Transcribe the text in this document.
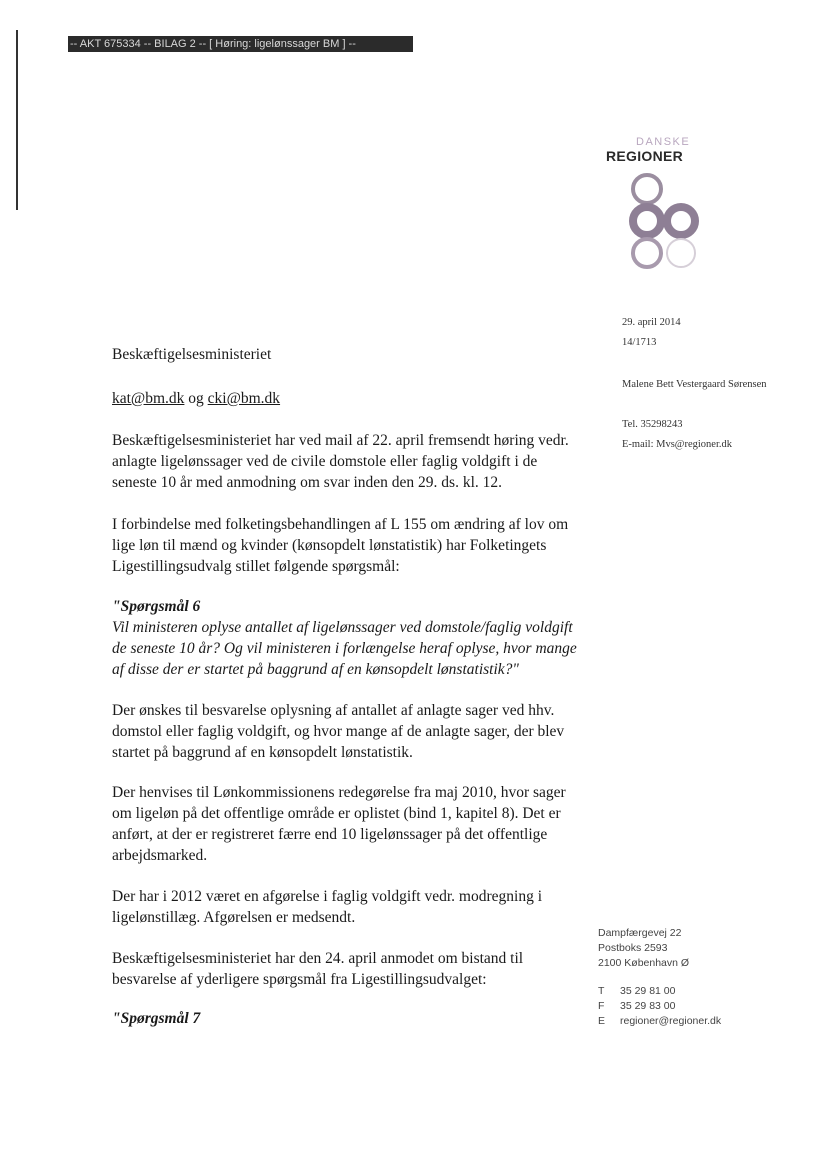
-- AKT 675334 -- BILAG 2 -- [ Høring: ligelønssager BM ] --
DANSKE
REGIONER
29. april 2014
14/1713
Malene Bett Vestergaard Sørensen
Tel. 35298243
E-mail: Mvs@regioner.dk

Beskæftigelsesministeriet

kat@bm.dk og cki@bm.dk

Beskæftigelsesministeriet har ved mail af 22. april fremsendt høring vedr. anlagte ligelønssager ved de civile domstole eller faglig voldgift i de seneste 10 år med anmodning om svar inden den 29. ds. kl. 12.

I forbindelse med folketingsbehandlingen af L 155 om ændring af lov om lige løn til mænd og kvinder (kønsopdelt lønstatistik) har Folketingets Ligestillingsudvalg stillet følgende spørgsmål:

"Spørgsmål 6

Vil ministeren oplyse antallet af ligelønssager ved domstole/faglig voldgift de seneste 10 år? Og vil ministeren i forlængelse heraf oplyse, hvor mange af disse der er startet på baggrund af en kønsopdelt lønstatistik?"

Der ønskes til besvarelse oplysning af antallet af anlagte sager ved hhv. domstol eller faglig voldgift, og hvor mange af de anlagte sager, der blev startet på baggrund af en kønsopdelt lønstatistik.

Der henvises til Lønkommissionens redegørelse fra maj 2010, hvor sager om ligeløn på det offentlige område er oplistet (bind 1, kapitel 8). Det er anført, at der er registreret færre end 10 ligelønssager på det offentlige arbejdsmarked.

Der har i 2012 været en afgørelse i faglig voldgift vedr. modregning i ligelønstillæg. Afgørelsen er medsendt.

Beskæftigelsesministeriet har den 24. april anmodet om bistand til besvarelse af yderligere spørgsmål fra Ligestillingsudvalget:

"Spørgsmål 7

Dampfærgevej 22
Postboks 2593
2100 København Ø
T 35 29 81 00
F 35 29 83 00
E regioner@regioner.dk
